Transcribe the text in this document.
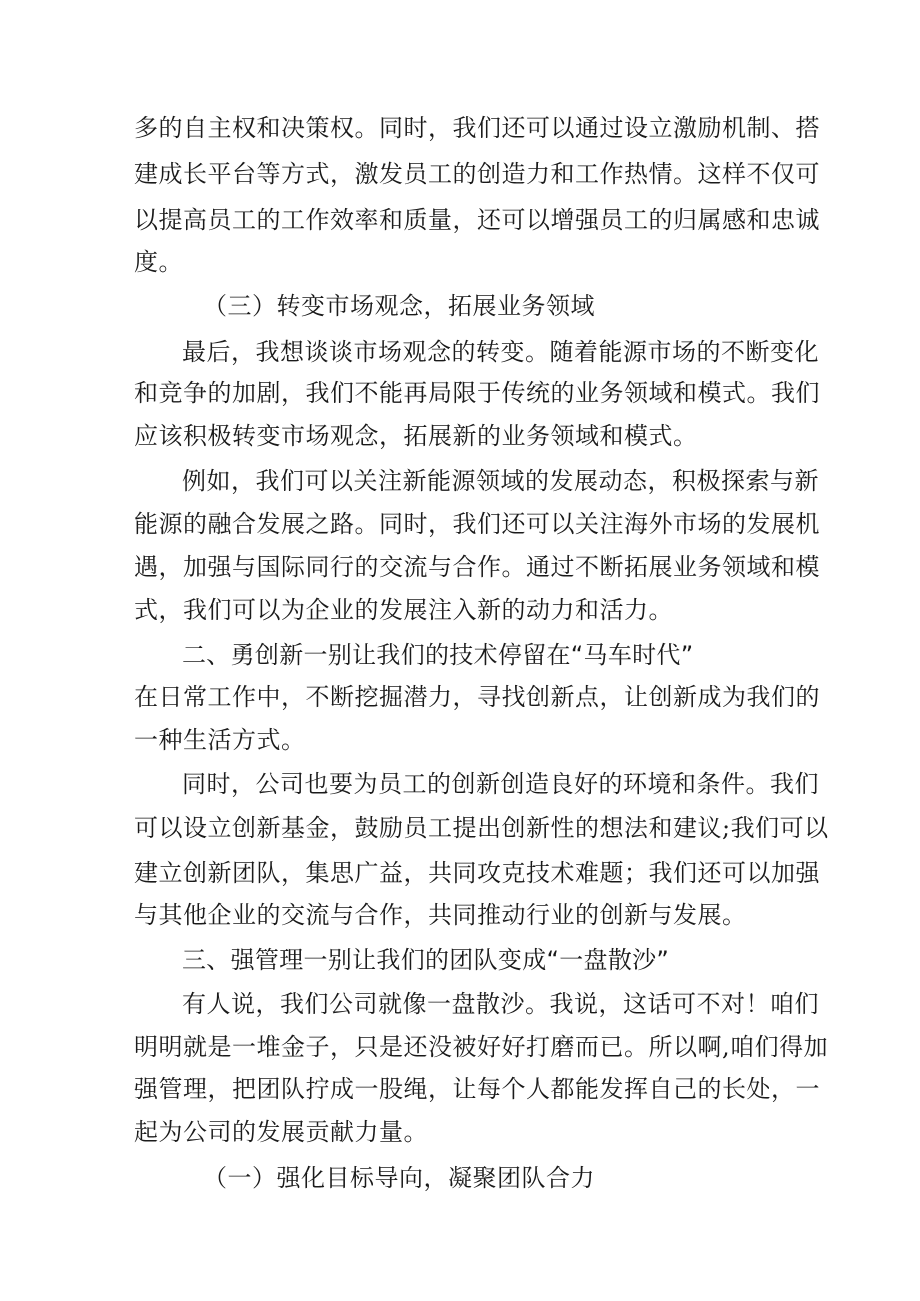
多的自主权和决策权。同时，我们还可以通过设立激励机制、搭
建成长平台等方式，激发员工的创造力和工作热情。这样不仅可
以提高员工的工作效率和质量，还可以增强员工的归属感和忠诚
度。
（三）转变市场观念，拓展业务领域
最后，我想谈谈市场观念的转变。随着能源市场的不断变化
和竞争的加剧，我们不能再局限于传统的业务领域和模式。我们
应该积极转变市场观念，拓展新的业务领域和模式。
例如，我们可以关注新能源领域的发展动态，积极探索与新
能源的融合发展之路。同时，我们还可以关注海外市场的发展机
遇，加强与国际同行的交流与合作。通过不断拓展业务领域和模
式，我们可以为企业的发展注入新的动力和活力。
二、勇创新一别让我们的技术停留在“马车时代”
在日常工作中，不断挖掘潜力，寻找创新点，让创新成为我们的
一种生活方式。
同时，公司也要为员工的创新创造良好的环境和条件。我们
可以设立创新基金，鼓励员工提出创新性的想法和建议;我们可以
建立创新团队，集思广益，共同攻克技术难题；我们还可以加强
与其他企业的交流与合作，共同推动行业的创新与发展。
三、强管理一别让我们的团队变成“一盘散沙”
有人说，我们公司就像一盘散沙。我说，这话可不对！咱们
明明就是一堆金子，只是还没被好好打磨而已。所以啊,咱们得加
强管理，把团队拧成一股绳，让每个人都能发挥自己的长处，一
起为公司的发展贡献力量。
（一）强化目标导向，凝聚团队合力
